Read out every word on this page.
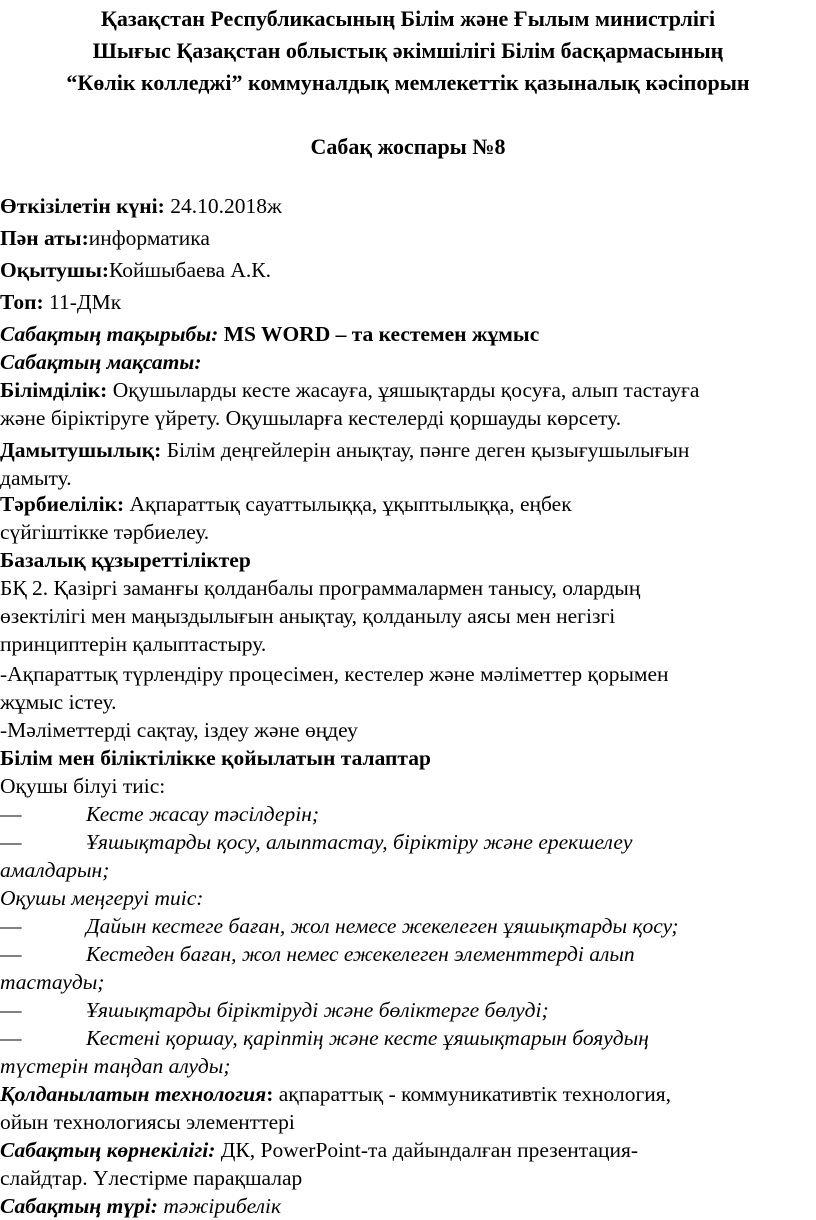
Қазақстан Республикасының Білім және Ғылым министрлігі
Шығыс Қазақстан облыстық әкімшілігі Білім басқармасының
“Көлік колледжі” коммуналдық мемлекеттік қазыналық кәсіпорын
Сабақ жоспары №8
Өткізілетін күні: 24.10.2018ж
Пән аты:информатика
Оқытушы:Койшыбаева А.К.
Топ: 11-ДМк
Сабақтың тақырыбы: MS WORD – та кестемен жұмыс
Сабақтың мақсаты:
Білімділік: Оқушыларды кесте жасауға, ұяшықтарды қосуға, алып тастауға
және біріктіруге үйрету. Оқушыларға кестелерді қоршауды көрсету.
Дамытушылық: Білім деңгейлерін анықтау, пәнге деген қызығушылығын
дамыту.
Тәрбиелілік: Ақпараттық сауаттылыққа, ұқыптылыққа, еңбек
сүйгіштікке тәрбиелеу.
Базалық құзыреттіліктер
БҚ 2. Қазіргі заманғы қолданбалы программалармен танысу, олардың
өзектілігі мен маңыздылығын анықтау, қолданылу аясы мен негізгі
принциптерін қалыптастыру.
-Ақпараттық түрлендіру процесімен, кестелер және мәліметтер қорымен
жұмыс істеу.
-Мәліметтерді сақтау, іздеу және өңдеу
Білім мен біліктілікке қойылатын талаптар
Оқушы білуі тиіс:
—	Кесте жасау тәсілдерін;
—	Ұяшықтарды қосу, алыптастау, біріктіру және ерекшелеу
амалдарын;
Оқушы меңгеруі тиіс:
—	Дайын кестеге баған, жол немесе жекелеген ұяшықтарды қосу;
—	Кестеден баған, жол немес ежекелеген элементтерді алып
тастауды;
—	Ұяшықтарды біріктіруді және бөліктерге бөлуді;
—	Кестені қоршау, қаріптің және кесте ұяшықтарын бояудың
түстерін таңдап алуды;
Қолданылатын технология: ақпараттық - коммуникативтік технология,
ойын технологиясы элементтері
Сабақтың көрнекілігі: ДК, PowerPoint-та дайындалған презентация-
слайдтар. Үлестірме парақшалар
Сабақтың түрі: тәжірибелік
